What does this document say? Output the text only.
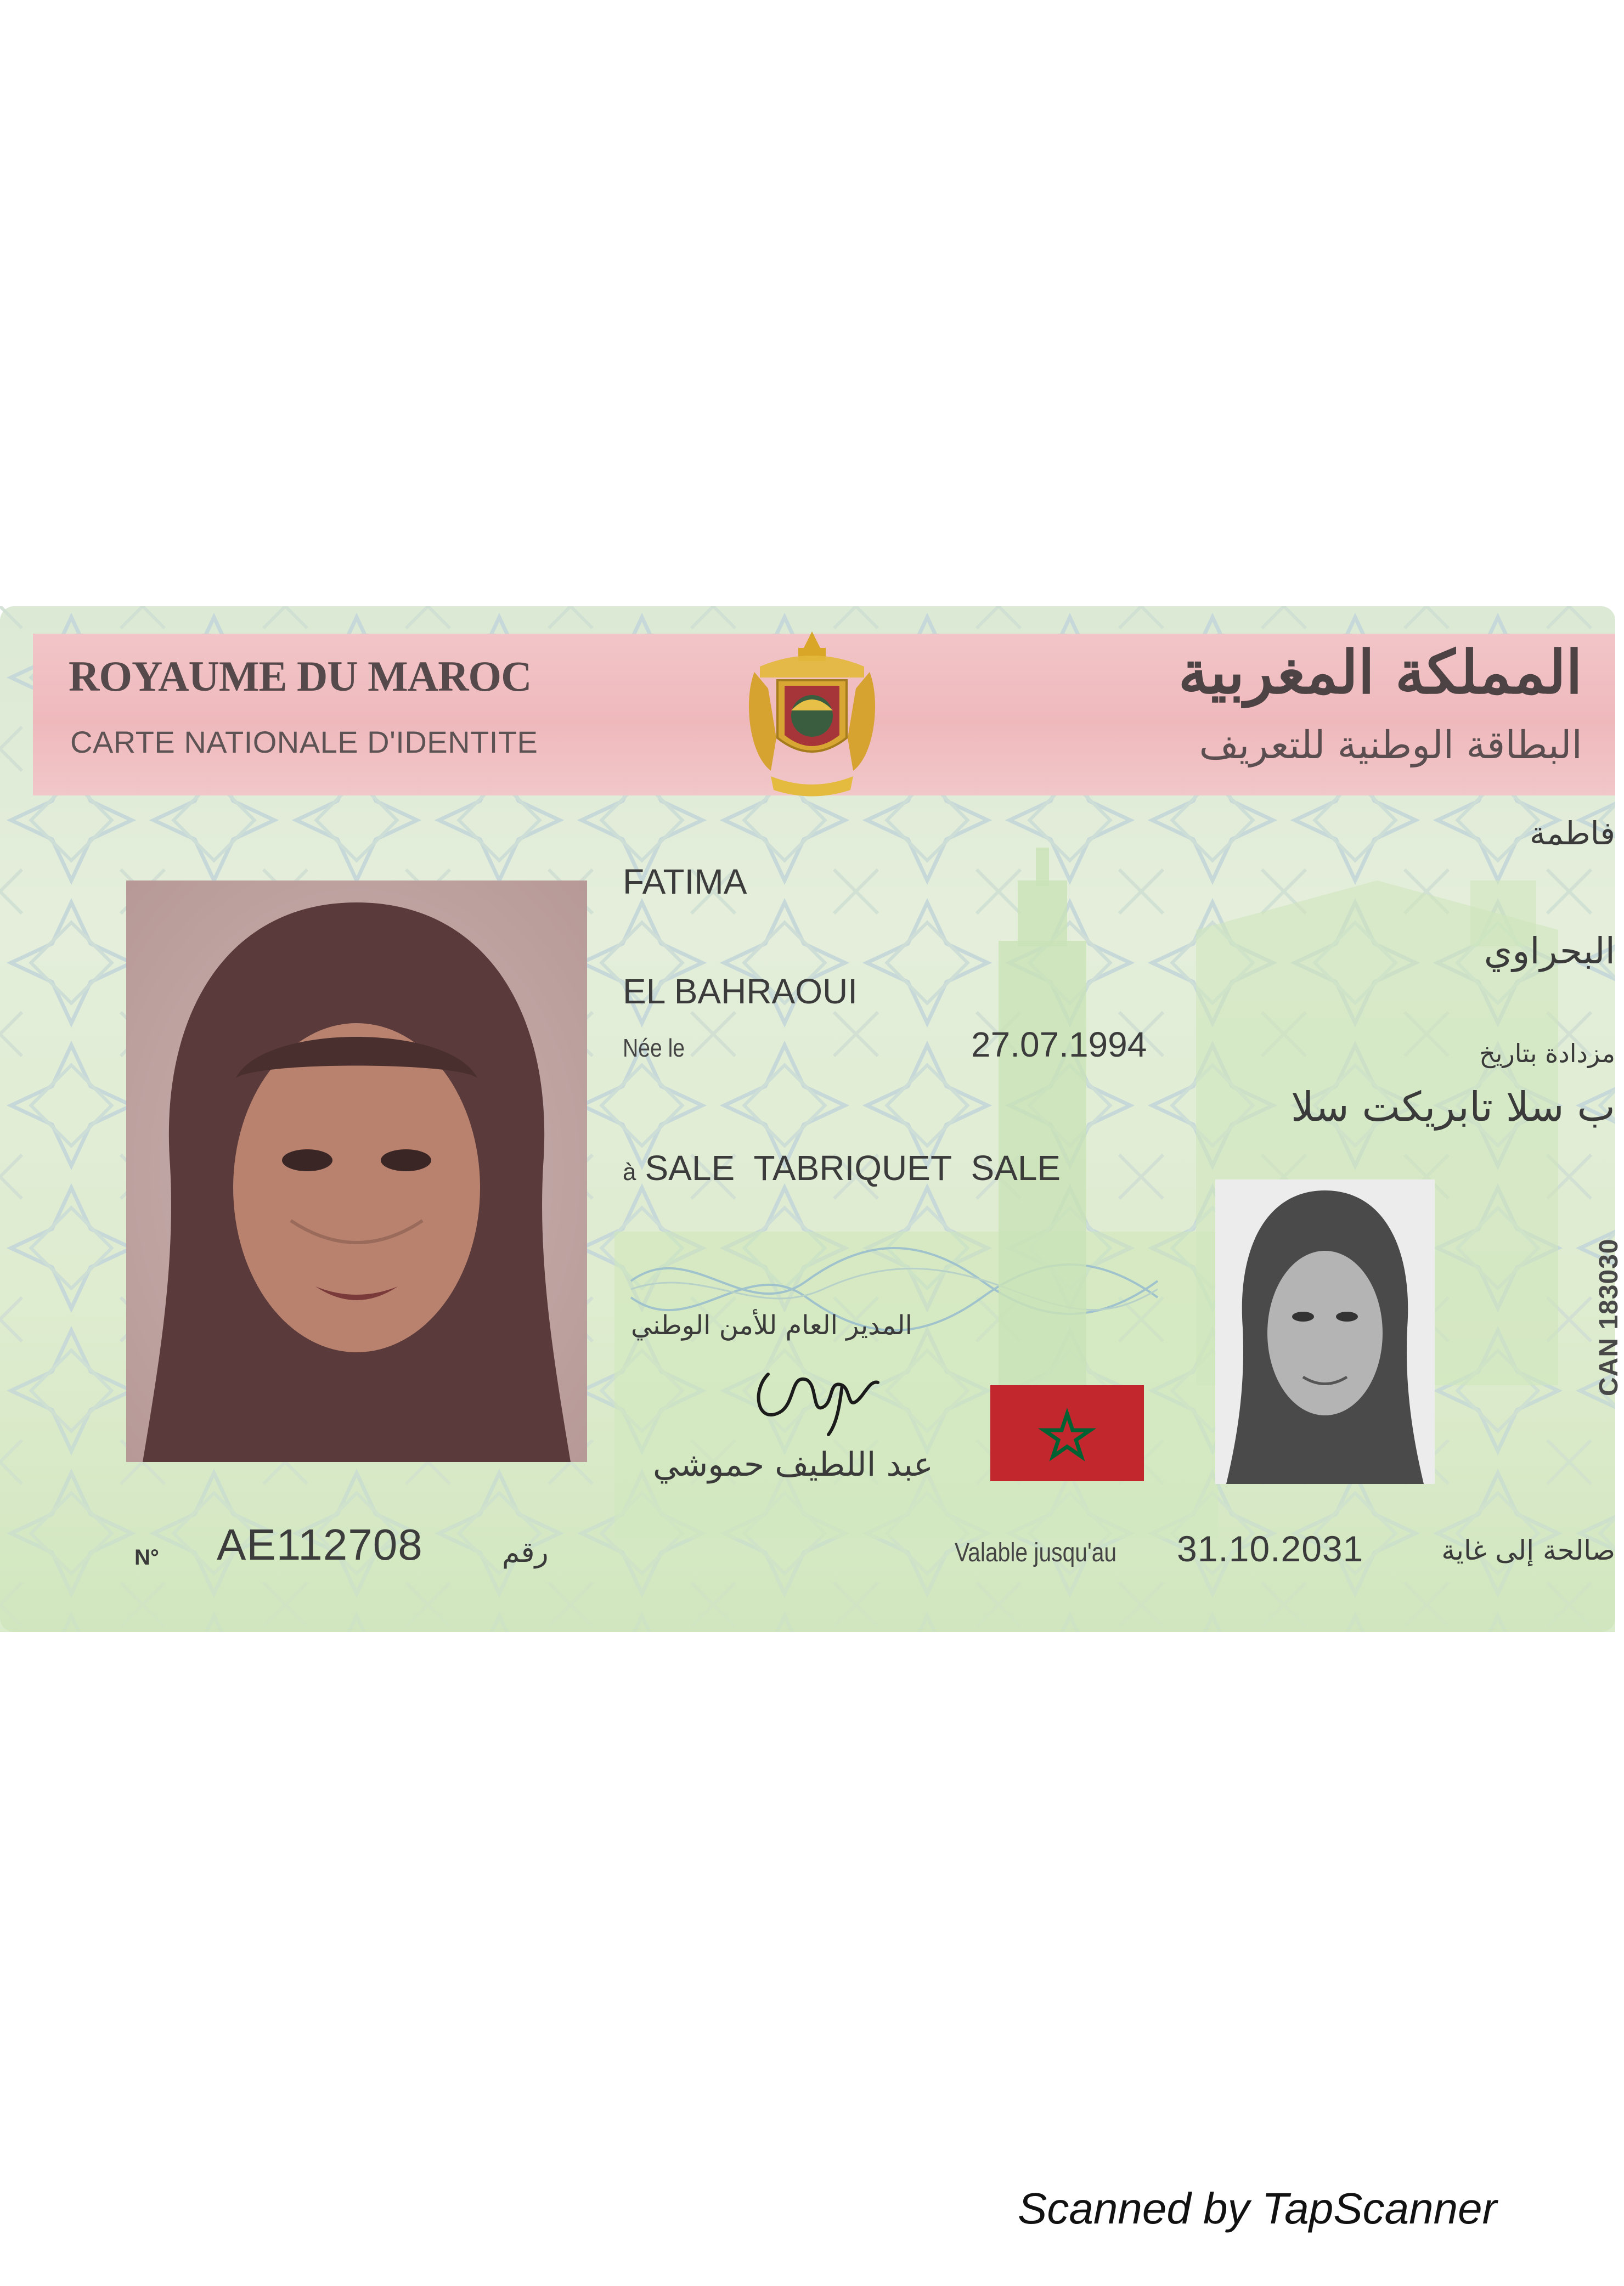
ROYAUME DU MAROC
CARTE NATIONALE D'IDENTITE
المملكة المغربية
البطاقة الوطنية للتعريف
FATIMA
EL BAHRAOUI
Née le	27.07.1994
à SALE  TABRIQUET  SALE
فاطمة
البحراوي
مزدادة بتاريخ
ب سلا تابريكت سلا
المدير العام للأمن الوطني
عبد اللطيف حموشي
N° AE112708	رقم	Valable jusqu'au 31.10.2031	صالحة إلى غاية
CAN 183030
Scanned by TapScanner
